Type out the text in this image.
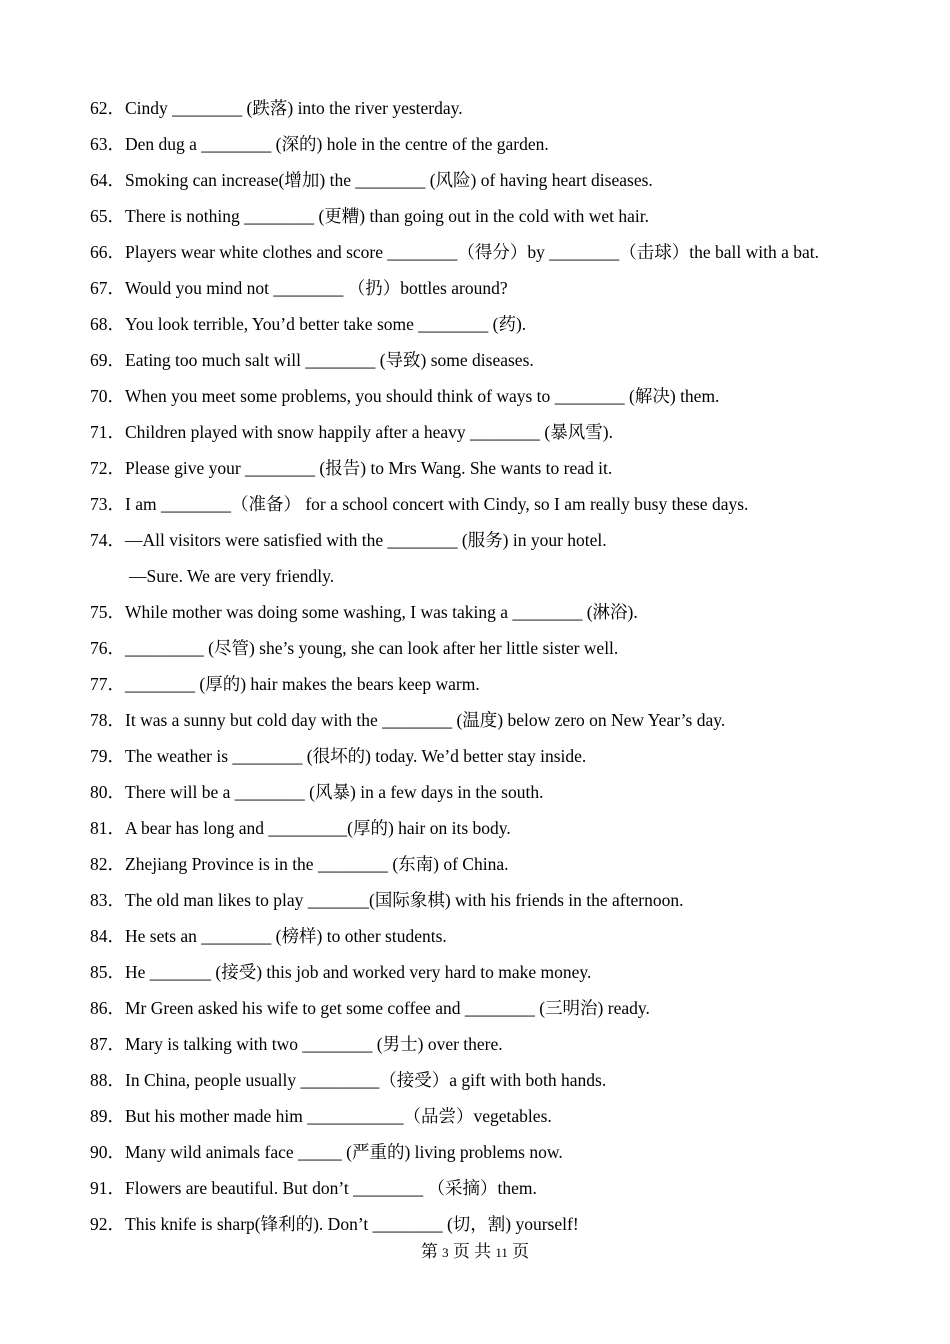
62． Cindy ________ (跌落) into the river yesterday.
63． Den dug a ________ (深的) hole in the centre of the garden.
64． Smoking can increase(增加) the ________ (风险) of having heart diseases.
65． There is nothing ________ (更糟) than going out in the cold with wet hair.
66． Players wear white clothes and score ________（得分）by ________（击球）the ball with a bat.
67． Would you mind not ________ （扔）bottles around?
68． You look terrible, You’d better take some ________ (药).
69． Eating too much salt will ________ (导致) some diseases.
70． When you meet some problems, you should think of ways to ________ (解决) them.
71． Children played with snow happily after a heavy ________ (暴风雪).
72． Please give your ________ (报告) to Mrs Wang. She wants to read it.
73． I am ________（准备） for a school concert with Cindy, so I am really busy these days.
74． —All visitors were satisfied with the ________ (服务) in your hotel.
—Sure. We are very friendly.
75． While mother was doing some washing, I was taking a ________ (淋浴).
76． _________ (尽管) she’s young, she can look after her little sister well.
77． ________ (厚的) hair makes the bears keep warm.
78． It was a sunny but cold day with the ________ (温度) below zero on New Year’s day.
79． The weather is ________ (很坏的) today. We’d better stay inside.
80． There will be a ________ (风暴) in a few days in the south.
81． A bear has long and _________(厚的) hair on its body.
82． Zhejiang Province is in the ________ (东南) of China.
83． The old man likes to play _______(国际象棋) with his friends in the afternoon.
84． He sets an ________ (榜样) to other students.
85． He _______ (接受) this job and worked very hard to make money.
86． Mr Green asked his wife to get some coffee and ________ (三明治) ready.
87． Mary is talking with two ________ (男士) over there.
88． In China, people usually _________（接受）a gift with both hands.
89． But his mother made him ___________（品尝）vegetables.
90． Many wild animals face _____ (严重的) living problems now.
91． Flowers are beautiful. But don’t ________ （采摘）them.
92． This knife is sharp(锋利的). Don’t ________ (切，割) yourself!
第 3 页 共 11 页
